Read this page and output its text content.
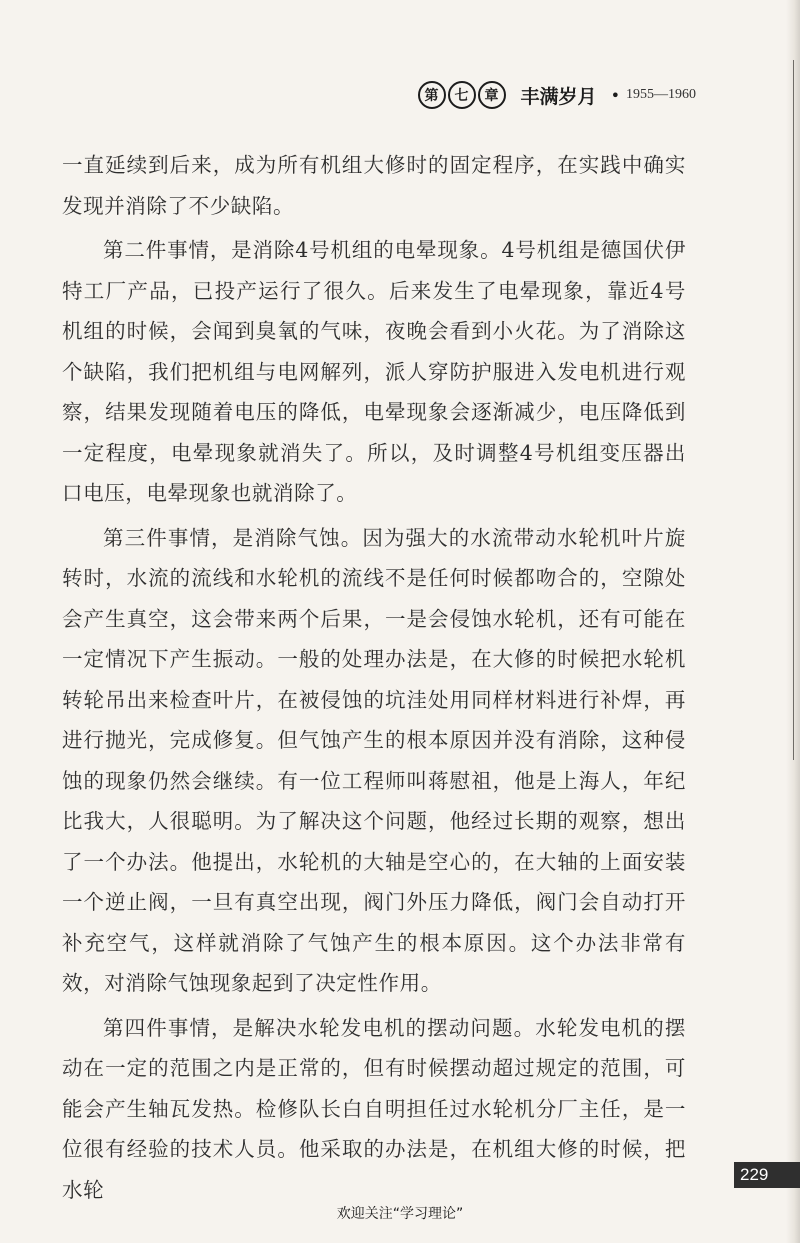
第	七	章	丰满岁月 • 1955—1960

一直延续到后来，成为所有机组大修时的固定程序，在实践中确实发现并消除了不少缺陷。

第二件事情，是消除4号机组的电晕现象。4号机组是德国伏伊特工厂产品，已投产运行了很久。后来发生了电晕现象，靠近4号机组的时候，会闻到臭氧的气味，夜晚会看到小火花。为了消除这个缺陷，我们把机组与电网解列，派人穿防护服进入发电机进行观察，结果发现随着电压的降低，电晕现象会逐渐减少，电压降低到一定程度，电晕现象就消失了。所以，及时调整4号机组变压器出口电压，电晕现象也就消除了。

第三件事情，是消除气蚀。因为强大的水流带动水轮机叶片旋转时，水流的流线和水轮机的流线不是任何时候都吻合的，空隙处会产生真空，这会带来两个后果，一是会侵蚀水轮机，还有可能在一定情况下产生振动。一般的处理办法是，在大修的时候把水轮机转轮吊出来检查叶片，在被侵蚀的坑洼处用同样材料进行补焊，再进行抛光，完成修复。但气蚀产生的根本原因并没有消除，这种侵蚀的现象仍然会继续。有一位工程师叫蒋慰祖，他是上海人，年纪比我大，人很聪明。为了解决这个问题，他经过长期的观察，想出了一个办法。他提出，水轮机的大轴是空心的，在大轴的上面安装一个逆止阀，一旦有真空出现，阀门外压力降低，阀门会自动打开补充空气，这样就消除了气蚀产生的根本原因。这个办法非常有效，对消除气蚀现象起到了决定性作用。

第四件事情，是解决水轮发电机的摆动问题。水轮发电机的摆动在一定的范围之内是正常的，但有时候摆动超过规定的范围，可能会产生轴瓦发热。检修队长白自明担任过水轮机分厂主任，是一位很有经验的技术人员。他采取的办法是，在机组大修的时候，把水轮

229
欢迎关注“学习理论”
